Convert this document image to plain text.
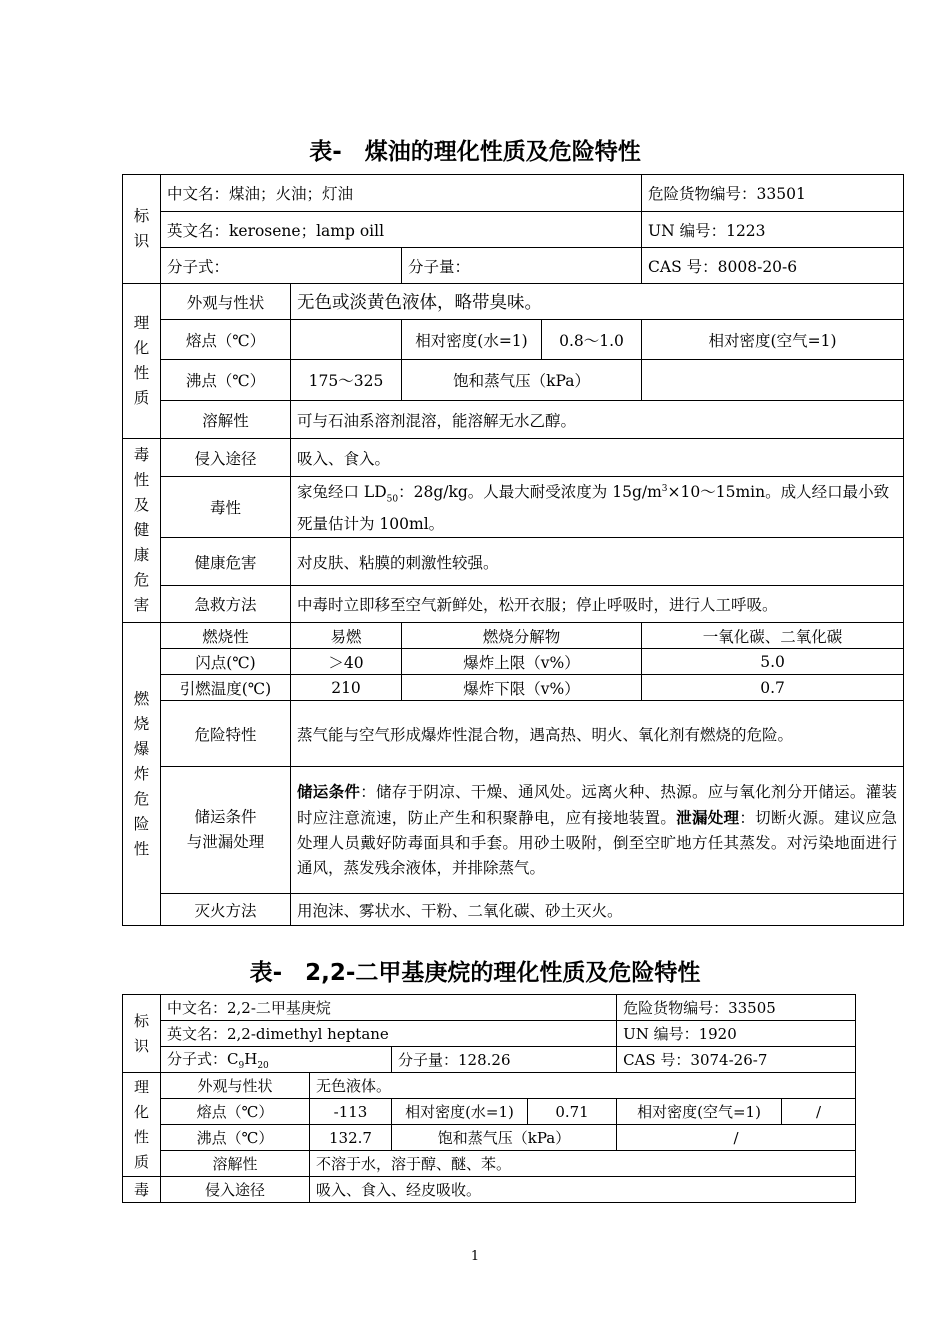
表-　煤油的理化性质及危险特性
标识	中文名：煤油；火油；灯油				危险货物编号：33501
	英文名：kerosene；lamp oill				UN 编号：1223
	分子式：		分子量：		CAS 号：8008-20-6
理化性质	外观与性状	无色或淡黄色液体，略带臭味。			
	熔点（℃）		相对密度(水=1)	0.8～1.0	相对密度(空气=1)
	沸点（℃）	175～325	饱和蒸气压（kPa）		
	溶解性	可与石油系溶剂混溶，能溶解无水乙醇。			
毒性及健康危害	侵入途径	吸入、食入。			
	毒性	家兔经口 $LD_{50}$：28g/kg。人最大耐受浓度为 $15g/m^3\times 10\sim 15\min$。成人经口最小致死量估计为 100ml。			
	健康危害	对皮肤、粘膜的刺激性较强。			
	急救方法	中毒时立即移至空气新鲜处，松开衣服；停止呼吸时，进行人工呼吸。			
燃烧爆炸危险性	燃烧性	易燃	燃烧分解物		一氧化碳、二氧化碳
	闪点(℃)	＞40	爆炸上限（v%）		5.0
	引燃温度(℃)	210	爆炸下限（v%）		0.7
	危险特性	蒸气能与空气形成爆炸性混合物，遇高热、明火、氧化剂有燃烧的危险。			
	储运条件
与泄漏处理	储运条件：储存于阴凉、干燥、通风处。远离火种、热源。应与氧化剂分开储运。灌装时应注意流速，防止产生和积聚静电，应有接地装置。泄漏处理：切断火源。建议应急处理人员戴好防毒面具和手套。用砂土吸附，倒至空旷地方任其蒸发。对污染地面进行通风，蒸发残余液体，并排除蒸气。			
	灭火方法	用泡沫、雾状水、干粉、二氧化碳、砂土灭火。			
表-　2,2-二甲基庚烷的理化性质及危险特性
标识	中文名：2,2-二甲基庚烷				危险货物编号：33505	
	英文名：2,2-dimethyl heptane				UN 编号：1920	
	分子式：$C_9H_{20}$		分子量：128.26		CAS 号：3074-26-7	
理化性质	外观与性状	无色液体。				
	熔点（℃）	-113	相对密度(水=1)	0.71	相对密度(空气=1)	/
	沸点（℃）	132.7	饱和蒸气压（kPa）		/	
	溶解性	不溶于水，溶于醇、醚、苯。				
毒	侵入途径	吸入、食入、经皮吸收。				
1
